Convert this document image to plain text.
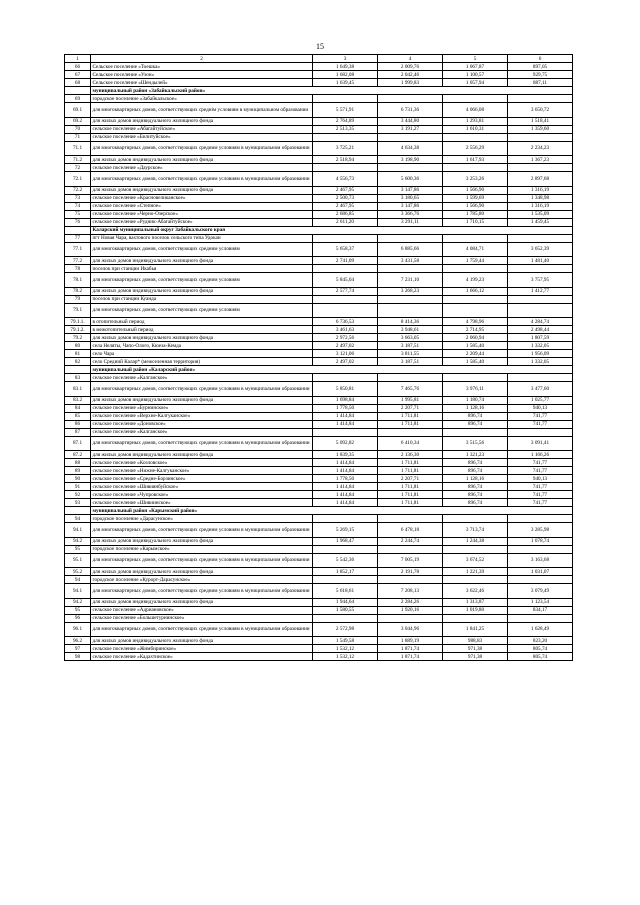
15
1	2	3	4	5	6
66	Сельское поселение «Тоешка»	1 649,38	2 009,76	1 067,87	897,05
67	Сельское поселение «Узон»	1 682,08	2 042,46	1 100,57	929,75
68	Сельское поселение «Шендылей»	1 639,45	1 999,83	1 057,94	887,11
	муниципальный район «Забайкальский район»				
69	городское поселение «Забайкальское»				
69.1	для многоквартирных домов, соответствующих среднім условиям в муниципальном образовании	5 571,91	6 731,36	4 066,08	3 650,72
69.2	для жилых домов индивидуального жилищного фонда	2 764,89	3 444,80	1 293,81	1 518,41
70	сельское поселение «Абагайтуйское»	2 513,35	3 191,27	1 610,31	1 359,60
71	сельское поселение «Билитуйское»				
71.1	для многоквартирных домов, соответствующих средним условиям в муниципальном образовании	3 725,21	4 634,38	2 556,29	2 234,23
71.2	для жилых домов индивидуального жилищного фонда	2 518,94	3 198,90	1 617,93	1 367,23
72	сельское поселение «Даурское»				
72.1	для многоквартирных домов, соответствующих средним условиям в муниципальном образовании	4 556,73	5 600,36	3 253,26	2 897,68
72.2	для жилых домов индивидуального жилищного фонда	2 467,95	3 147,86	1 566,90	1 316,19
73	сельское поселение «Красновеликанское»	2 500,73	3 180,65	1 599,69	1 348,98
74	сельское поселение «Степное»	2 467,95	3 147,86	1 566,90	1 316,19
75	сельское поселение «Черно-Озерское»	2 686,85	3 366,76	1 785,80	1 535,09
76	сельское поселение «Рудник-Абагайтуйское»	2 611,20	3 291,11	1 710,15	1 459,45
	Каларский муниципальный округ Забайкальского края				
77	пгт Новая Чара, вахтового поселок сельского типа Удокан				
77.1	для многоквартирных домов, соответствующих средним условиям	5 658,37	6 885,66	4 084,71	3 652,39
77.2	для жилых домов индивидуального жилищного фонда	2 741,09	3 431,58	1 759,44	1 481,40
78	поселок при станции Икабья				
78.1	для многоквартирных домов, соответствующих средним условиям	5 845,04	7 231,10	4 199,23	3 757,95
78.2	для жилых домов индивидуального жилищного фонда	2 577,74	3 268,23	1 666,12	1 412,77
79	поселок при станции Куанда				
79.1	для многоквартирных домов, соответствующих средним условиям				
79.1.1.	в отопительный период	6 736,53	8 414,36	4 798,96	4 284,74
79.1.2.	в межотопительный период	3 461,63	3 948,61	2 714,95	2 498,44
79.2	для жилых домов индивидуального жилищного фонда	2 972,56	3 663,05	2 060,94	1 807,59
80	села Неляты, Чапо-Олого, Кюеза-Кемда	2 497,02	3 187,51	1 585,40	1 332,05
81	село Чара	3 121,06	3 811,55	2 209,44	1 956,09
82	село Средний Калар* (межселенная территория)	2 497,02	3 187,51	1 585,40	1 332,05
	муниципальный район «Каларский район»				
83	сельское поселение «Калганское»				
83.1	для многоквартирных домов, соответствующих средним условиям в муниципальном образовании	5 850,81	7 465,76	3 976,11	3 477,60
83.2	для жилых домов индивидуального жилищного фонда	1 698,84	1 995,81	1 180,74	1 025,77
84	сельское поселение «Бурнинское»	1 778,50	2 207,71	1 128,16	940,13
85	сельское поселение «Верхне-Калгуканское»	1 414,84	1 711,81	896,74	741,77
86	сельское поселение «Доновское»	1 414,84	1 711,81	896,74	741,77
87	сельское поселение «Калганское»				
87.1	для многоквартирных домов, соответствующих средним условиям в муниципальном образовании	5 092,82	6 410,34	3 515,56	3 091,41
87.2	для жилых домов индивидуального жилищного фонда	1 839,35	2 136,30	1 321,23	1 166,26
88	сельское поселение «Козловское»	1 414,84	1 711,81	896,74	741,77
89	сельское поселение «Нижне-Калгуканское»	1 414,84	1 711,81	896,74	741,77
90	сельское поселение «Средне-Борзинское»	1 778,50	2 207,71	1 128,16	940,13
91	сельское поселение «Шивиянбуйское»	1 414,84	1 711,81	896,74	741,77
92	сельское поселение «Чупровское»	1 414,84	1 711,81	896,74	741,77
93	сельское поселение «Шивиинское»	1 414,84	1 711,81	896,74	741,77
	муниципальный район «Карымский район»				
94	городское поселение «Дарасунское»				
94.1	для многоквартирных домов, соответствующих средним условиям в муниципальном образовании	5 269,15	6 478,18	3 713,74	3 285,98
94.2	для жилых домов индивидуального жилищного фонда	1 968,47	2 244,74	1 244,38	1 078,74
95	городское поселение «Карымское»				
95.1	для многоквартирных домов, соответствующих средним условиям в муниципальном образовании	5 542,36	7 005,19	3 674,52	3 163,68
95.2	для жилых домов индивидуального жилищного фонда	1 852,17	2 191,78	1 221,39	1 031,07
94	городское поселение «Курорт-Дарасунское»				
94.1	для многоквартирных домов, соответствующих средним условиям в муниципальном образовании	5 618,61	7 208,13	3 622,46	3 079,49
94.2	для жилых домов индивидуального жилищного фонда	1 944,64	2 284,26	1 313,87	1 123,54
95	сельское поселение «Адриановское»	1 580,55	1 920,16	1 019,80	834,17
96	сельское поселение «Большетурнинское»				
96.1	для многоквартирных домов, соответствующих средним условиям в муниципальном образовании	2 572,98	3 044,96	1 841,25	1 628,49
96.2	для жилых домов индивидуального жилищного фонда	1 549,58	1 889,19	988,83	823,20
97	сельское поселение «Жимбиринское»	1 532,12	1 871,74	971,38	805,74
98	сельское поселение «Кадахтинское»	1 532,12	1 871,74	971,38	805,74
